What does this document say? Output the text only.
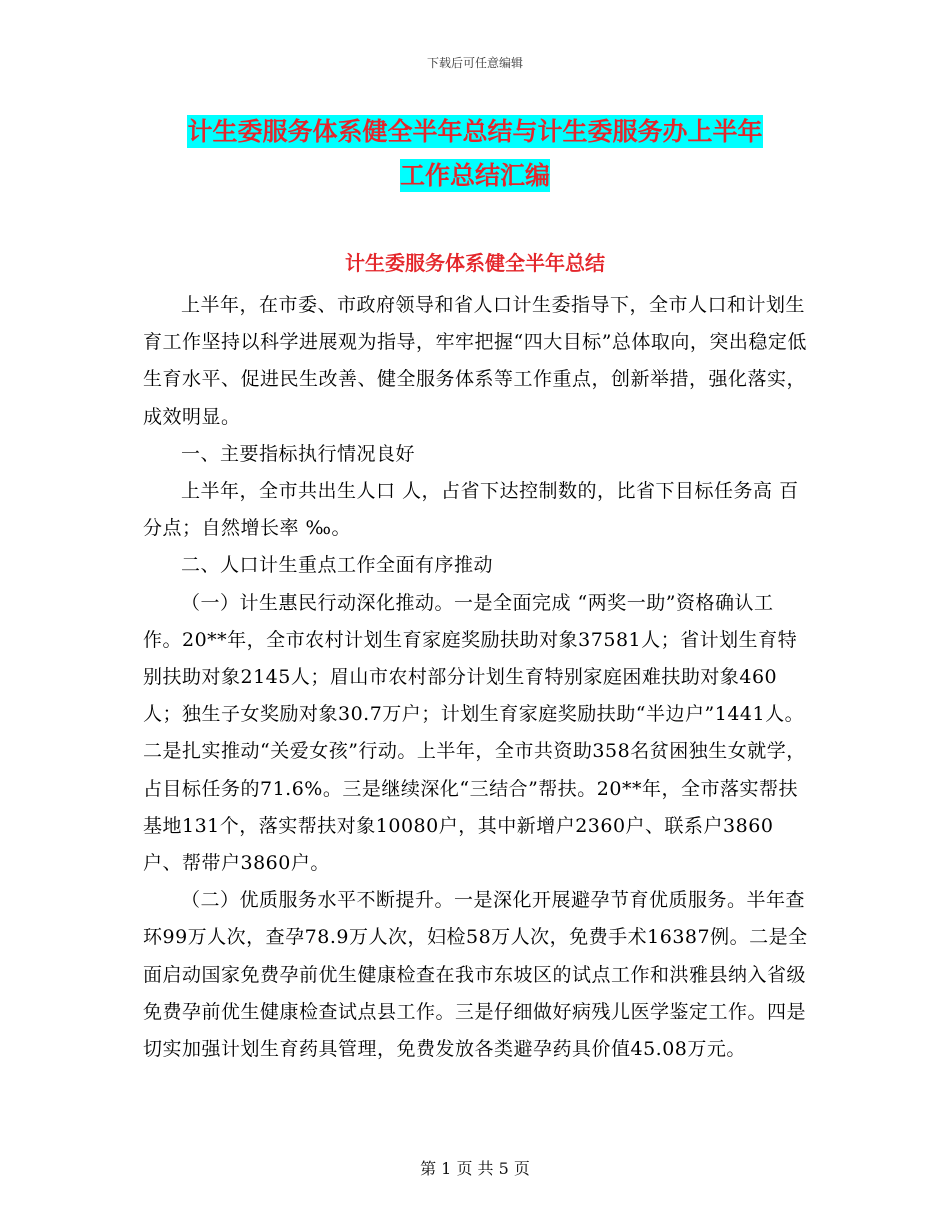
下载后可任意编辑
计生委服务体系健全半年总结与计生委服务办上半年
工作总结汇编
计生委服务体系健全半年总结

上半年，在市委、市政府领导和省人口计生委指导下，全市人口和计划生育工作坚持以科学进展观为指导，牢牢把握“四大目标”总体取向，突出稳定低生育水平、促进民生改善、健全服务体系等工作重点，创新举措，强化落实，成效明显。

一、主要指标执行情况良好

上半年，全市共出生人口 人，占省下达控制数的，比省下目标任务高 百分点；自然增长率 ‰。

二、人口计生重点工作全面有序推动

（一）计生惠民行动深化推动。一是全面完成 “两奖一助”资格确认工作。20**年，全市农村计划生育家庭奖励扶助对象37581人；省计划生育特别扶助对象2145人；眉山市农村部分计划生育特别家庭困难扶助对象460人；独生子女奖励对象30.7万户；计划生育家庭奖励扶助“半边户”1441人。二是扎实推动“关爱女孩”行动。上半年，全市共资助358名贫困独生女就学，占目标任务的71.6%。三是继续深化“三结合”帮扶。20**年，全市落实帮扶基地131个，落实帮扶对象10080户，其中新增户2360户、联系户3860户、帮带户3860户。

（二）优质服务水平不断提升。一是深化开展避孕节育优质服务。半年查环99万人次，查孕78.9万人次，妇检58万人次，免费手术16387例。二是全面启动国家免费孕前优生健康检查在我市东坡区的试点工作和洪雅县纳入省级免费孕前优生健康检查试点县工作。三是仔细做好病残儿医学鉴定工作。四是切实加强计划生育药具管理，免费发放各类避孕药具价值45.08万元。

第 1 页 共 5 页
